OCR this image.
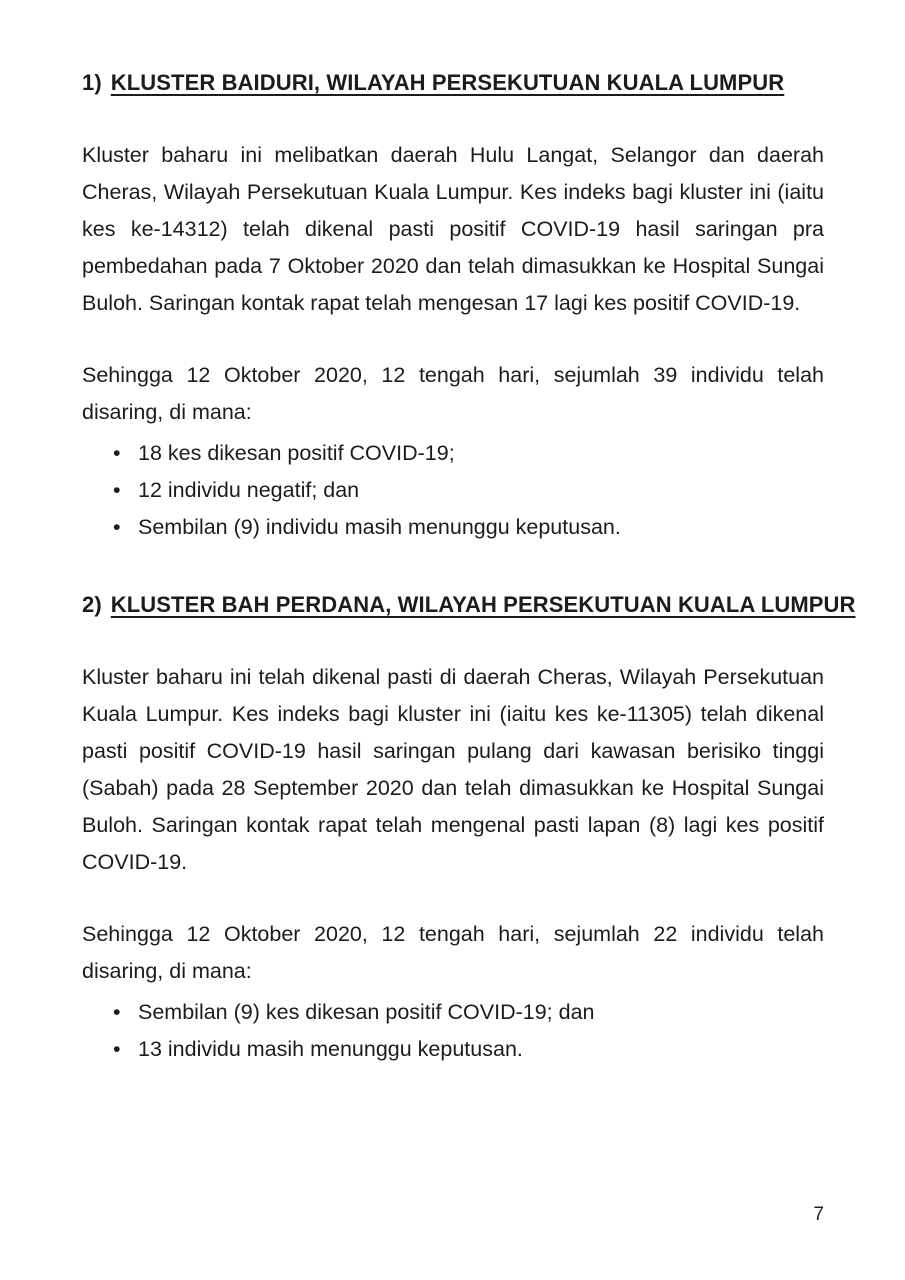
1) KLUSTER BAIDURI, WILAYAH PERSEKUTUAN KUALA LUMPUR

Kluster baharu ini melibatkan daerah Hulu Langat, Selangor dan daerah Cheras, Wilayah Persekutuan Kuala Lumpur. Kes indeks bagi kluster ini (iaitu kes ke-14312) telah dikenal pasti positif COVID-19 hasil saringan pra pembedahan pada 7 Oktober 2020 dan telah dimasukkan ke Hospital Sungai Buloh. Saringan kontak rapat telah mengesan 17 lagi kes positif COVID-19.

Sehingga 12 Oktober 2020, 12 tengah hari, sejumlah 39 individu telah disaring, di mana:

• 18 kes dikesan positif COVID-19;
• 12 individu negatif; dan
• Sembilan (9) individu masih menunggu keputusan.
2) KLUSTER BAH PERDANA, WILAYAH PERSEKUTUAN KUALA LUMPUR

Kluster baharu ini telah dikenal pasti di daerah Cheras, Wilayah Persekutuan Kuala Lumpur. Kes indeks bagi kluster ini (iaitu kes ke-11305) telah dikenal pasti positif COVID-19 hasil saringan pulang dari kawasan berisiko tinggi (Sabah) pada 28 September 2020 dan telah dimasukkan ke Hospital Sungai Buloh. Saringan kontak rapat telah mengenal pasti lapan (8) lagi kes positif COVID-19.

Sehingga 12 Oktober 2020, 12 tengah hari, sejumlah 22 individu telah disaring, di mana:

• Sembilan (9) kes dikesan positif COVID-19; dan
• 13 individu masih menunggu keputusan.
7
